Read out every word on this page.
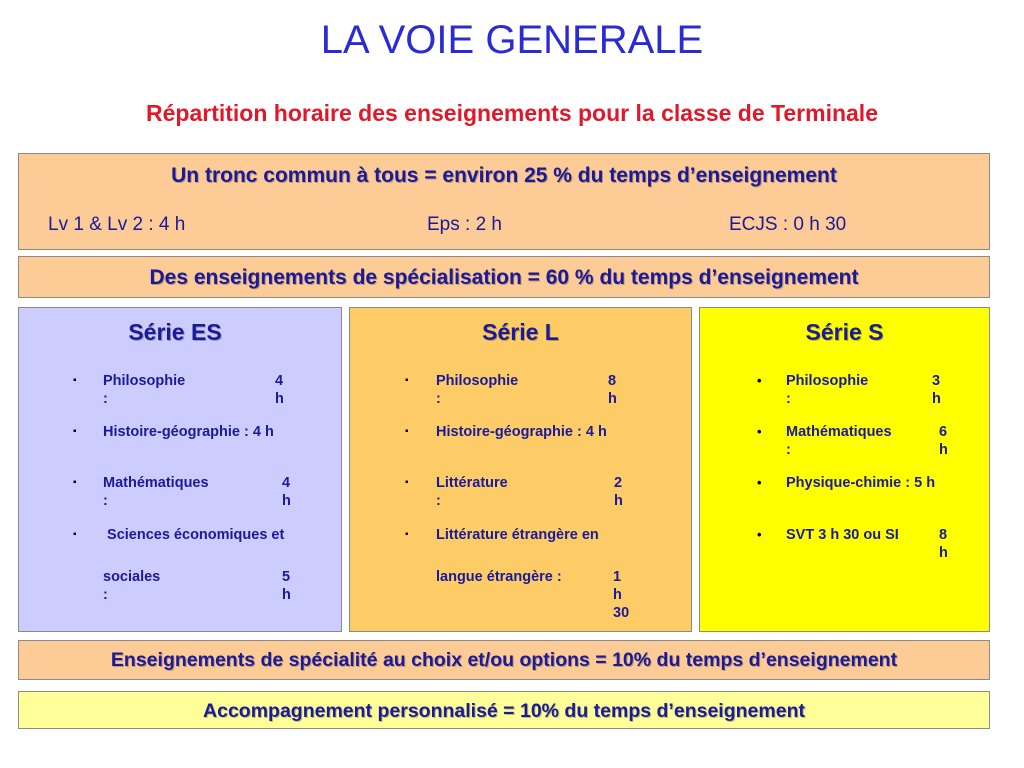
LA VOIE GENERALE
Répartition horaire des enseignements pour la classe de Terminale
Un tronc commun à tous = environ 25 % du temps d’enseignement
Lv 1 & Lv 2 : 4 h	Eps : 2 h	ECJS : 0 h 30
Des enseignements de spécialisation = 60 % du temps d’enseignement
Série ES
▪ Philosophie :
4 h
▪ Histoire-géographie : 4 h
▪ Mathématiques :
4 h
▪ Sciences économiques et
sociales :
5 h
Série L
▪ Philosophie :
8 h
▪ Histoire-géographie : 4 h
▪ Littérature :
2 h
▪ Littérature étrangère en
langue étrangère :	1 h 30
Série S
• Philosophie :
3 h
• Mathématiques :
6 h
• Physique-chimie : 5 h
• SVT 3 h 30 ou SI	8 h
Enseignements de spécialité au choix et/ou options = 10% du temps d’enseignement
Accompagnement personnalisé = 10% du temps d’enseignement
